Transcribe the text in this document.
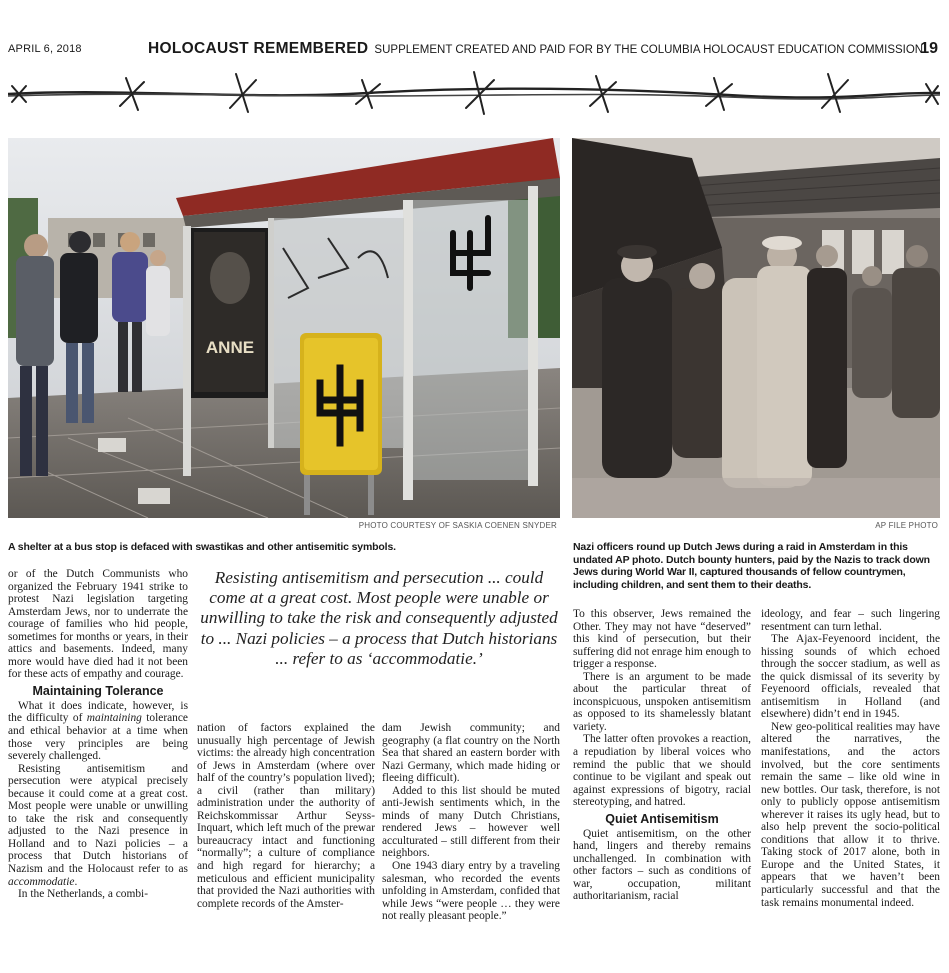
APRIL 6, 2018	HOLOCAUST REMEMBERED SUPPLEMENT CREATED AND PAID FOR BY THE COLUMBIA HOLOCAUST EDUCATION COMMISSION
19
ANNE
PHOTO COURTESY OF SASKIA COENEN SNYDER	AP FILE PHOTO
A shelter at a bus stop is defaced with swastikas and other antisemitic symbols.	Nazi officers round up Dutch Jews during a raid in Amsterdam in this undated AP photo. Dutch bounty hunters, paid by the Nazis to track down Jews during World War II, captured thousands of fellow countrymen, including children, and sent them to their deaths.
Resisting antisemitism and persecution ... could come at a great cost. Most people were unable or unwilling to take the risk and consequently adjusted to ... Nazi policies – a process that Dutch historians ... refer to as ‘accommodatie.’

or of the Dutch Communists who organized the February 1941 strike to protest Nazi legislation targeting Amsterdam Jews, nor to underrate the courage of families who hid people, sometimes for months or years, in their attics and basements. Indeed, many more would have died had it not been for these acts of empathy and courage.

Maintaining Tolerance

What it does indicate, however, is the difficulty of maintaining tolerance and ethical behavior at a time when those very principles are being severely challenged.

Resisting antisemitism and persecution were atypical precisely because it could come at a great cost. Most people were unable or unwilling to take the risk and consequently adjusted to the Nazi presence in Holland and to Nazi policies – a process that Dutch historians of Nazism and the Holocaust refer to as accommodatie.

In the Netherlands, a combi-

nation of factors explained the unusually high percentage of Jewish victims: the already high concentration of Jews in Amsterdam (where over half of the country’s population lived); a civil (rather than military) administration under the authority of Reichskommissar Arthur Seyss-Inquart, which left much of the prewar bureaucracy intact and functioning “normally”; a culture of compliance and high regard for hierarchy; a meticulous and efficient municipality that provided the Nazi authorities with complete records of the Amster-

dam Jewish community; and geography (a flat country on the North Sea that shared an eastern border with Nazi Germany, which made hiding or fleeing difficult).

Added to this list should be muted anti-Jewish sentiments which, in the minds of many Dutch Christians, rendered Jews – however well acculturated – still different from their neighbors.

One 1943 diary entry by a traveling salesman, who recorded the events unfolding in Amsterdam, confided that while Jews “were people … they were not really pleasant people.”

To this observer, Jews remained the Other. They may not have “deserved” this kind of persecution, but their suffering did not enrage him enough to trigger a response.

There is an argument to be made about the particular threat of inconspicuous, unspoken antisemitism as opposed to its shamelessly blatant variety.

The latter often provokes a reaction, a repudiation by liberal voices who remind the public that we should continue to be vigilant and speak out against expressions of bigotry, racial stereotyping, and hatred.

Quiet Antisemitism

Quiet antisemitism, on the other hand, lingers and thereby remains unchallenged. In combination with other factors – such as conditions of war, occupation, militant authoritarianism, racial

ideology, and fear – such lingering resentment can turn lethal.

The Ajax-Feyenoord incident, the hissing sounds of which echoed through the soccer stadium, as well as the quick dismissal of its severity by Feyenoord officials, revealed that antisemitism in Holland (and elsewhere) didn’t end in 1945.

New geo-political realities may have altered the narratives, the manifestations, and the actors involved, but the core sentiments remain the same – like old wine in new bottles. Our task, therefore, is not only to publicly oppose antisemitism wherever it raises its ugly head, but to also help prevent the socio-political conditions that allow it to thrive. Taking stock of 2017 alone, both in Europe and the United States, it appears that we haven’t been particularly successful and that the task remains monumental indeed.
